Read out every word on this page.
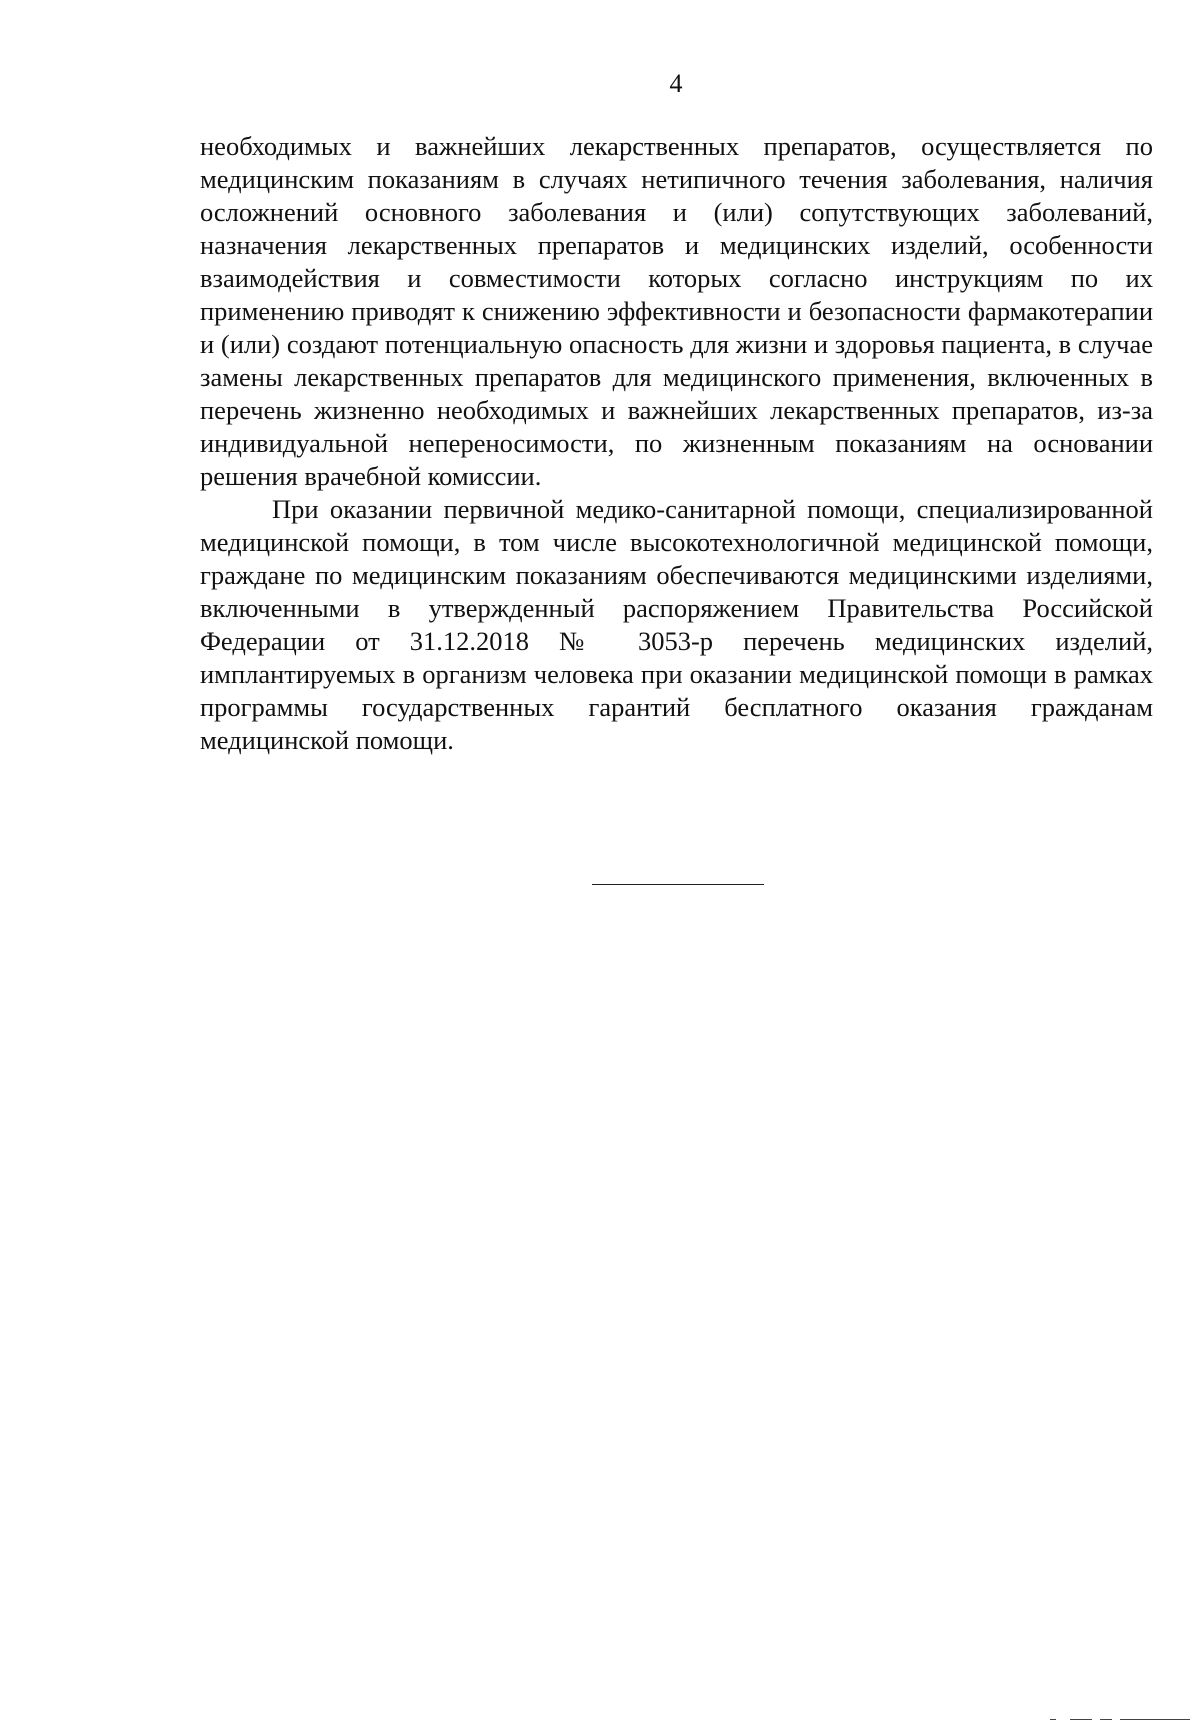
4

необходимых и важнейших лекарственных препаратов, осуществляется по медицинским показаниям в случаях нетипичного течения заболевания, наличия осложнений основного заболевания и (или) сопутствующих заболеваний, назначения лекарственных препаратов и медицинских изделий, особенности взаимодействия и совместимости которых согласно инструкциям по их применению приводят к снижению эффективности и безопасности фармакотерапии и (или) создают потенциальную опасность для жизни и здоровья пациента, в случае замены лекарственных препаратов для медицинского применения, включенных в перечень жизненно необходимых и важнейших лекарственных препаратов, из-за индивидуальной непереносимости, по жизненным показаниям на основании решения врачебной комиссии.

При оказании первичной медико-санитарной помощи, специализированной медицинской помощи, в том числе высокотехнологичной медицинской помощи, граждане по медицинским показаниям обеспечиваются медицинскими изделиями, включенными в утвержденный распоряжением Правительства Российской Федерации от 31.12.2018 № 3053-р перечень медицинских изделий, имплантируемых в организм человека при оказании медицинской помощи в рамках программы государственных гарантий бесплатного оказания гражданам медицинской помощи.
